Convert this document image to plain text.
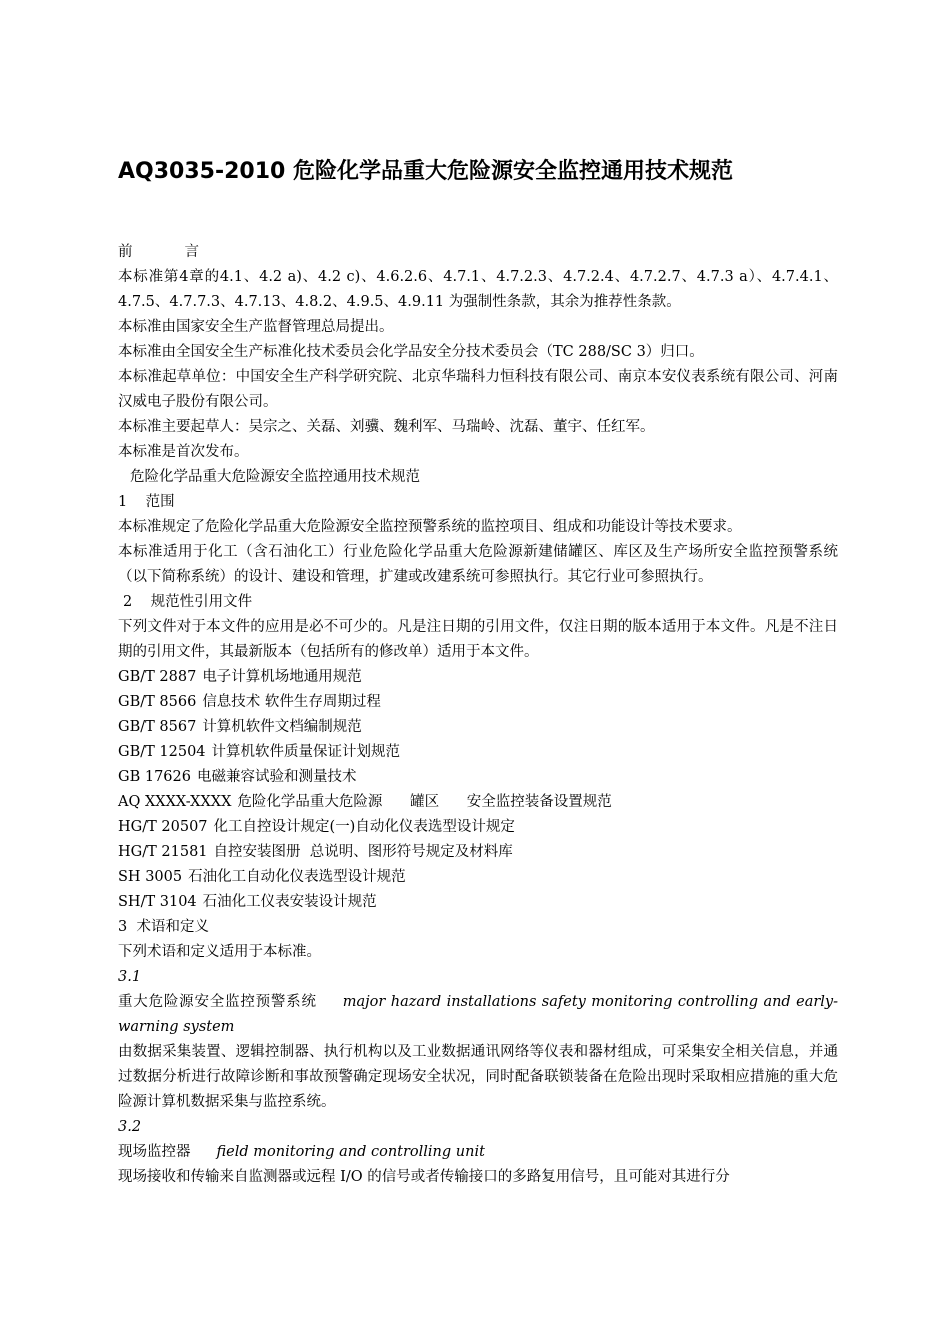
AQ3035-2010 危险化学品重大危险源安全监控通用技术规范

前	言

本标准第4章的4.1、4.2 a)、4.2 c)、4.6.2.6、4.7.1、4.7.2.3、4.7.2.4、4.7.2.7、4.7.3 a）、4.7.4.1、4.7.5、4.7.7.3、4.7.13、4.8.2、4.9.5、4.9.11 为强制性条款，其余为推荐性条款。

本标准由国家安全生产监督管理总局提出。

本标准由全国安全生产标准化技术委员会化学品安全分技术委员会（TC 288/SC 3）归口。

本标准起草单位：中国安全生产科学研究院、北京华瑞科力恒科技有限公司、南京本安仪表系统有限公司、河南汉威电子股份有限公司。

本标准主要起草人：吴宗之、关磊、刘骥、魏利军、马瑞岭、沈磊、董宇、任红军。

本标准是首次发布。

危险化学品重大危险源安全监控通用技术规范

1    范围

本标准规定了危险化学品重大危险源安全监控预警系统的监控项目、组成和功能设计等技术要求。

本标准适用于化工（含石油化工）行业危险化学品重大危险源新建储罐区、库区及生产场所安全监控预警系统（以下简称系统）的设计、建设和管理，扩建或改建系统可参照执行。其它行业可参照执行。

2    规范性引用文件

下列文件对于本文件的应用是必不可少的。凡是注日期的引用文件，仅注日期的版本适用于本文件。凡是不注日期的引用文件，其最新版本（包括所有的修改单）适用于本文件。

GB/T 2887 电子计算机场地通用规范

GB/T 8566 信息技术 软件生存周期过程

GB/T 8567 计算机软件文档编制规范

GB/T 12504 计算机软件质量保证计划规范

GB 17626 电磁兼容试验和测量技术

AQ XXXX-XXXX 危险化学品重大危险源      罐区      安全监控装备设置规范

HG/T 20507 化工自控设计规定(一)自动化仪表选型设计规定

HG/T 21581 自控安装图册  总说明、图形符号规定及材料库

SH 3005 石油化工自动化仪表选型设计规范

SH/T 3104 石油化工仪表安装设计规范

3  术语和定义

下列术语和定义适用于本标准。

3.1

重大危险源安全监控预警系统 major hazard installations safety monitoring controlling and early-warning system

由数据采集装置、逻辑控制器、执行机构以及工业数据通讯网络等仪表和器材组成，可采集安全相关信息，并通过数据分析进行故障诊断和事故预警确定现场安全状况，同时配备联锁装备在危险出现时采取相应措施的重大危险源计算机数据采集与监控系统。

3.2

现场监控器 field monitoring and controlling unit

现场接收和传输来自监测器或远程 I/O 的信号或者传输接口的多路复用信号，且可能对其进行分
